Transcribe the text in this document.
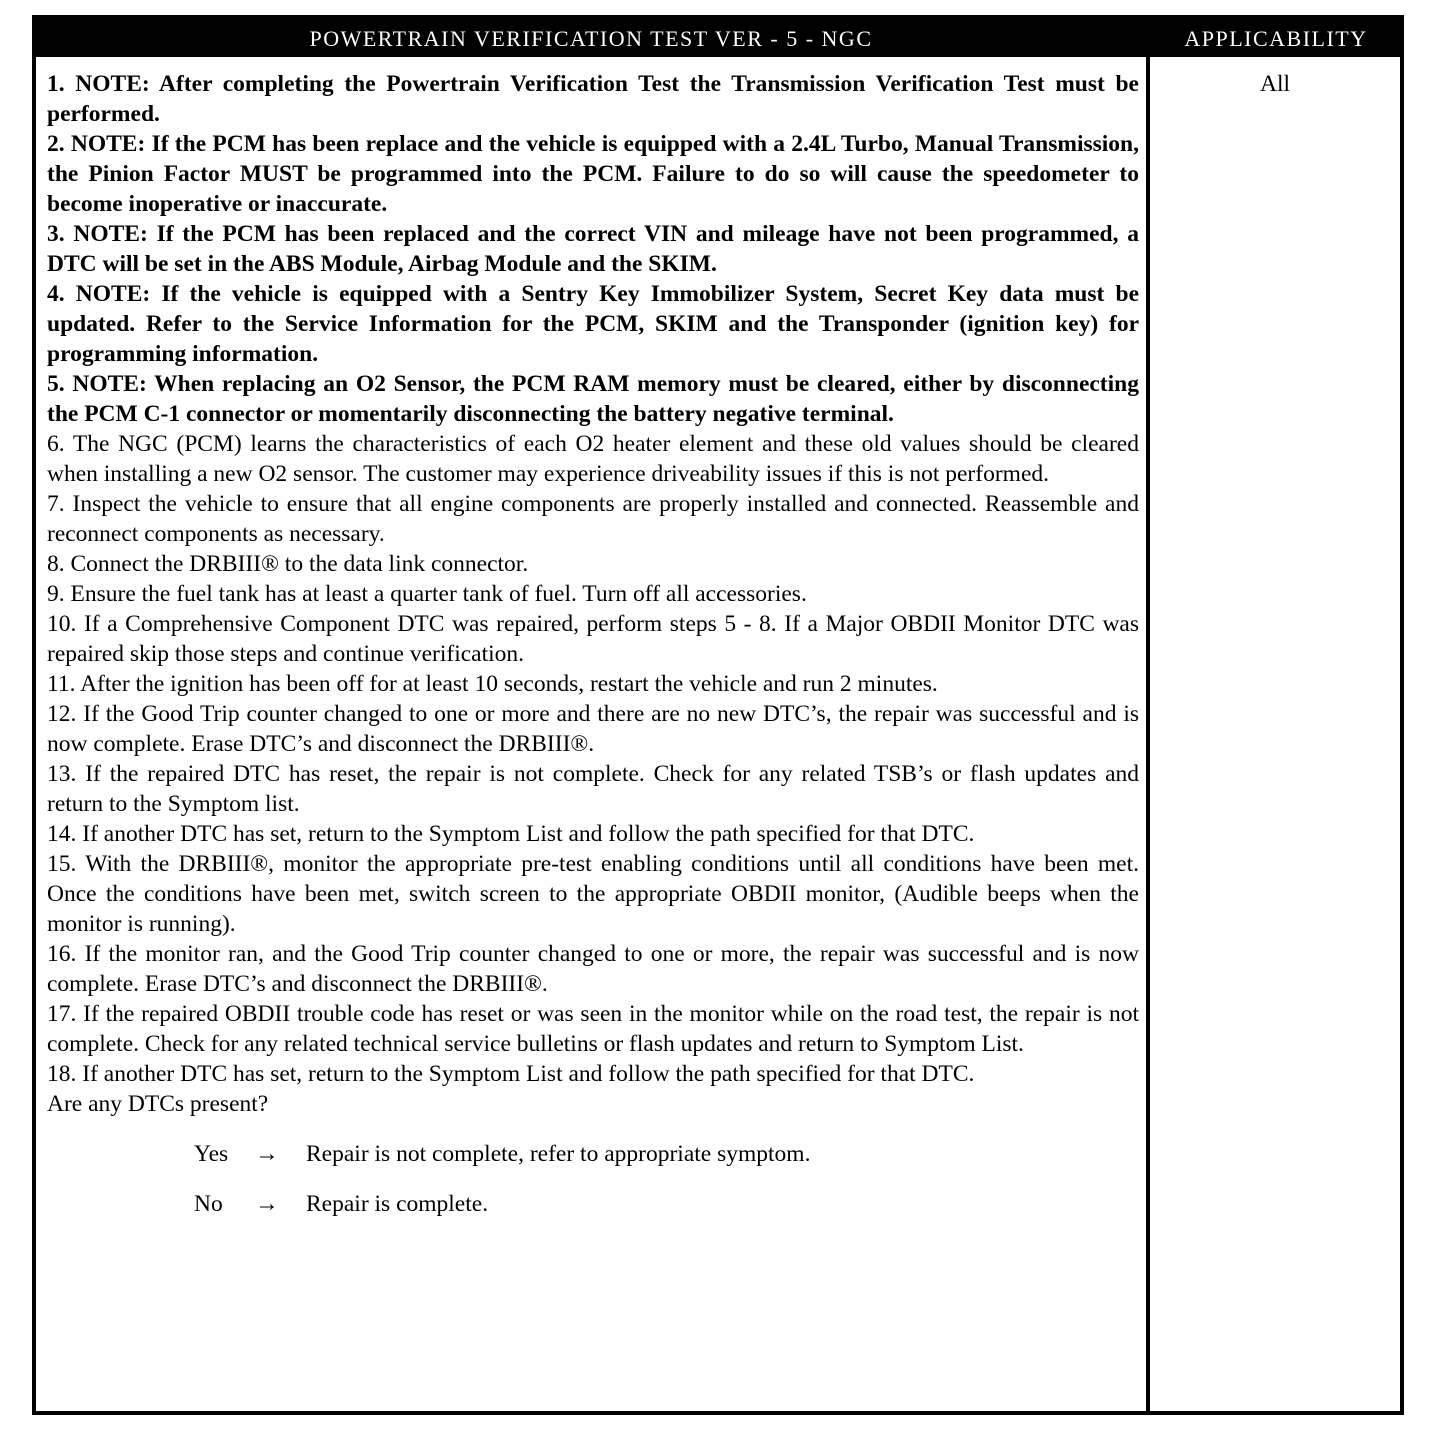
POWERTRAIN VERIFICATION TEST VER - 5 - NGC	APPLICABILITY
1. NOTE: After completing the Powertrain Verification Test the Transmission Verification Test must be performed.
2. NOTE: If the PCM has been replace and the vehicle is equipped with a 2.4L Turbo, Manual Transmission, the Pinion Factor MUST be programmed into the PCM. Failure to do so will cause the speedometer to become inoperative or inaccurate.
3. NOTE: If the PCM has been replaced and the correct VIN and mileage have not been programmed, a DTC will be set in the ABS Module, Airbag Module and the SKIM.
4. NOTE: If the vehicle is equipped with a Sentry Key Immobilizer System, Secret Key data must be updated. Refer to the Service Information for the PCM, SKIM and the Transponder (ignition key) for programming information.
5. NOTE: When replacing an O2 Sensor, the PCM RAM memory must be cleared, either by disconnecting the PCM C-1 connector or momentarily disconnecting the battery negative terminal.
6. The NGC (PCM) learns the characteristics of each O2 heater element and these old values should be cleared when installing a new O2 sensor. The customer may experience driveability issues if this is not performed.
7. Inspect the vehicle to ensure that all engine components are properly installed and connected. Reassemble and reconnect components as necessary.
8. Connect the DRBIII® to the data link connector.
9. Ensure the fuel tank has at least a quarter tank of fuel. Turn off all accessories.
10. If a Comprehensive Component DTC was repaired, perform steps 5 - 8. If a Major OBDII Monitor DTC was repaired skip those steps and continue verification.
11. After the ignition has been off for at least 10 seconds, restart the vehicle and run 2 minutes.
12. If the Good Trip counter changed to one or more and there are no new DTC’s, the repair was successful and is now complete. Erase DTC’s and disconnect the DRBIII®.
13. If the repaired DTC has reset, the repair is not complete. Check for any related TSB’s or flash updates and return to the Symptom list.
14. If another DTC has set, return to the Symptom List and follow the path specified for that DTC.
15. With the DRBIII®, monitor the appropriate pre-test enabling conditions until all conditions have been met. Once the conditions have been met, switch screen to the appropriate OBDII monitor, (Audible beeps when the monitor is running).
16. If the monitor ran, and the Good Trip counter changed to one or more, the repair was successful and is now complete. Erase DTC’s and disconnect the DRBIII®.
17. If the repaired OBDII trouble code has reset or was seen in the monitor while on the road test, the repair is not complete. Check for any related technical service bulletins or flash updates and return to Symptom List.
18. If another DTC has set, return to the Symptom List and follow the path specified for that DTC.
Are any DTCs present?
Yes → Repair is not complete, refer to appropriate symptom.
No → Repair is complete.
All
